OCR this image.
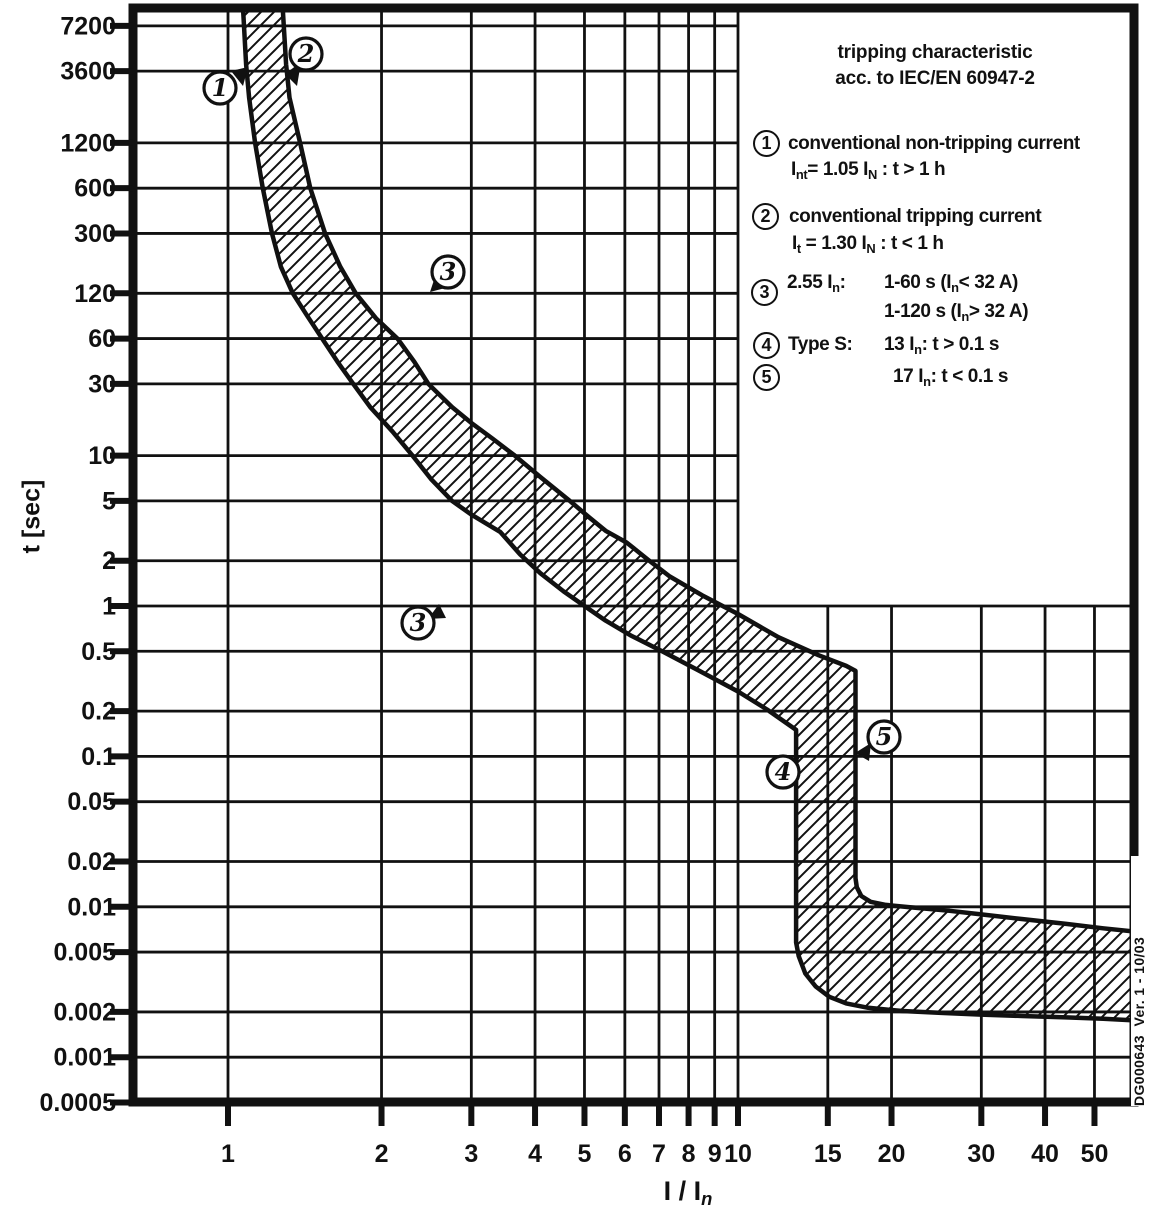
7200
3600
1200
600
300
120
60
30
10
5
2
1
0.5
0.2
0.1
0.05
0.02
0.01
0.005
0.002
0.001
0.0005
1	2	3 4 5 6 7 8 9 10 15 20 30 40 50
1
2
3
3
4
5
tripping characteristic
acc. to IEC/EN 60947-2
1 conventional non-tripping current
$I_{nt}= 1.05$ $I_N$ : t > 1 h
2 conventional tripping current
$I_t = 1.30$ $I_N$ : t < 1 h
3 2.55 $I_n$: 1-60 s ($I_n< 32$ A)
1-120 s ($I_n> 32$ A)
4 Type S: 13 $I_n$: t > 0.1 s
5	17 $I_n$: t < 0.1 s
t [sec]
I / $I_n$
DG000643  Ver. 1 - 10/03
